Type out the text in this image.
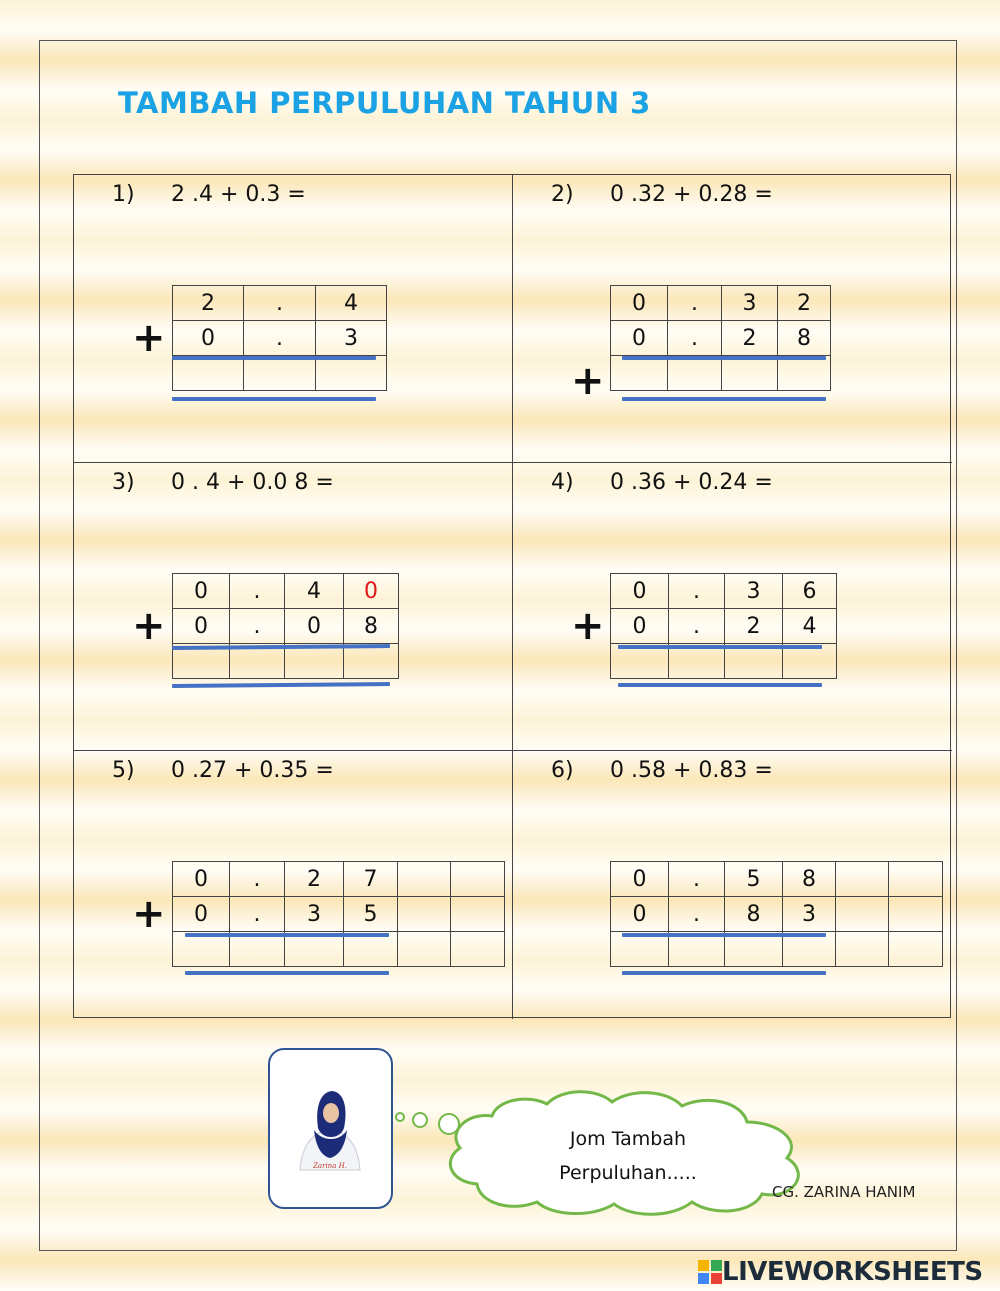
TAMBAH PERPULUHAN TAHUN 3
1) 2 .4 + 0.3 =
+
2	.	4
0	.	3

2) 0 .32 + 0.28 =
+
0	.	3	2
0	.	2	8

3) 0 . 4 + 0.0 8 =
+
0	.	4	0
0	.	0	8

4) 0 .36 + 0.24 =
+
0	.	3	6
0	.	2	4

5) 0 .27 + 0.35 =
+
0	.	2	7		
0	.	3	5		

6) 0 .58 + 0.83 =
0	.	5	8		
0	.	8	3		

Zarina H.
Jom Tambah
Perpuluhan.....
CG. ZARINA HANIM
LIVEWORKSHEETS
